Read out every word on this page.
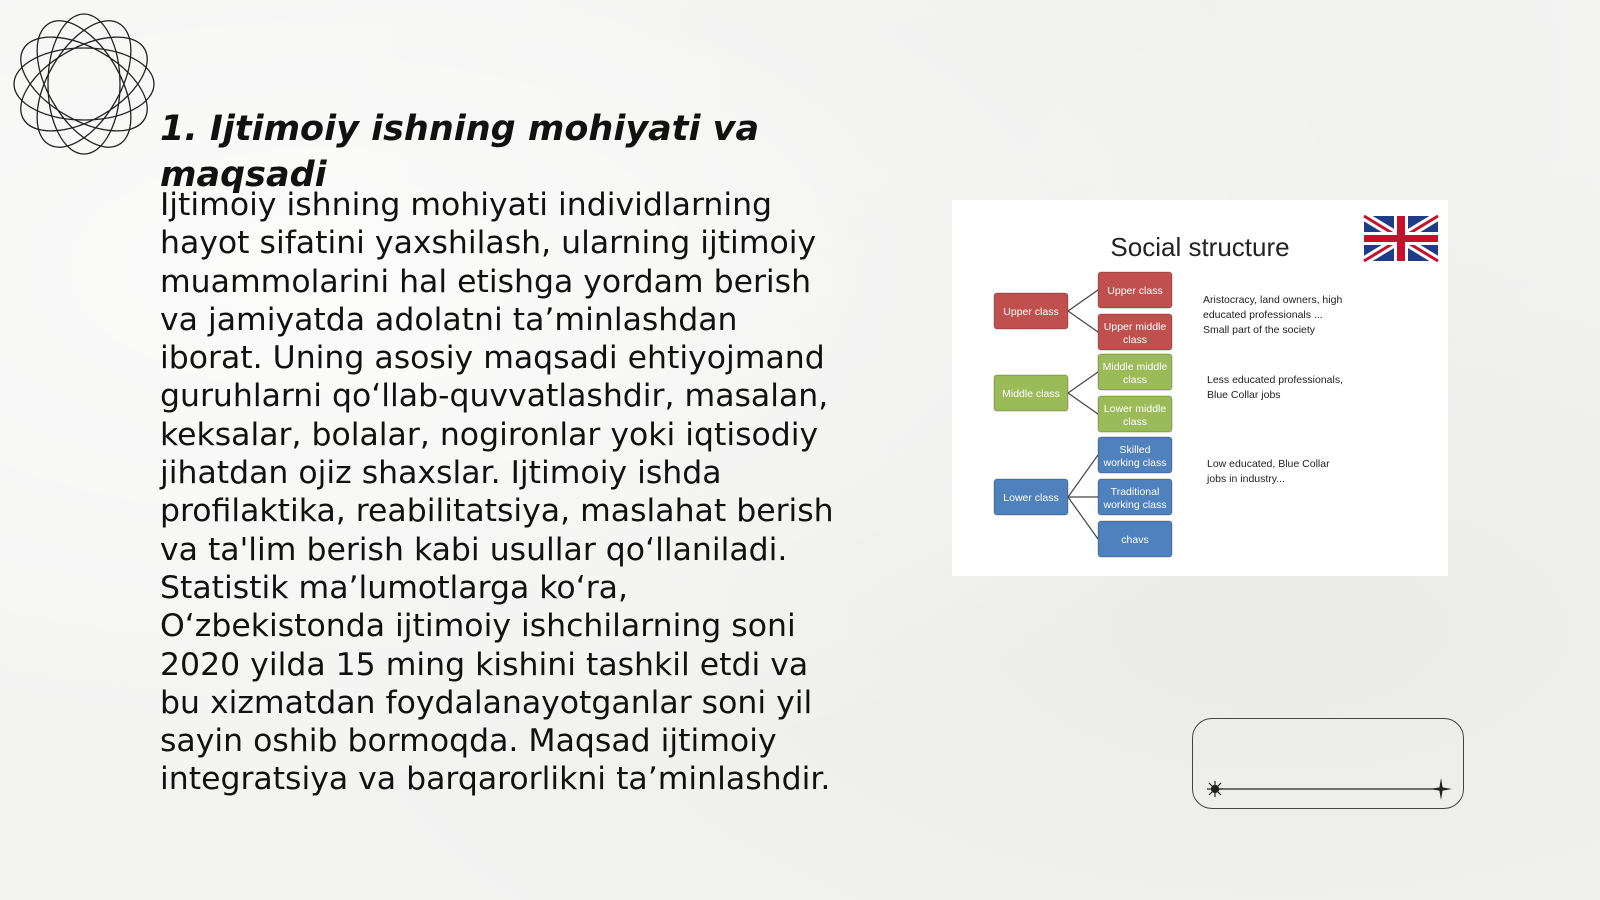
1. Ijtimoiy ishning mohiyati va maqsadi

Ijtimoiy ishning mohiyati individlarning hayot sifatini yaxshilash, ularning ijtimoiy muammolarini hal etishga yordam berish va jamiyatda adolatni ta’minlashdan iborat. Uning asosiy maqsadi ehtiyojmand guruhlarni qo‘llab-quvvatlashdir, masalan, keksalar, bolalar, nogironlar yoki iqtisodiy jihatdan ojiz shaxslar. Ijtimoiy ishda profilaktika, reabilitatsiya, maslahat berish va ta'lim berish kabi usullar qo‘llaniladi. Statistik ma’lumotlarga ko‘ra, O‘zbekistonda ijtimoiy ishchilarning soni 2020 yilda 15 ming kishini tashkil etdi va bu xizmatdan foydalanayotganlar soni yil sayin oshib bormoqda. Maqsad ijtimoiy integratsiya va barqarorlikni ta’minlashdir.

Social structure
Upper class
Upper class
Upper middle class
Middle class
Middle middle class
Lower middle class
Lower class
Skilled working class
Traditional working class
chavs
Aristocracy, land owners, high
educated professionals ...
Small part of the society
Less educated professionals,
Blue Collar jobs
Low educated, Blue Collar
jobs in industry...
